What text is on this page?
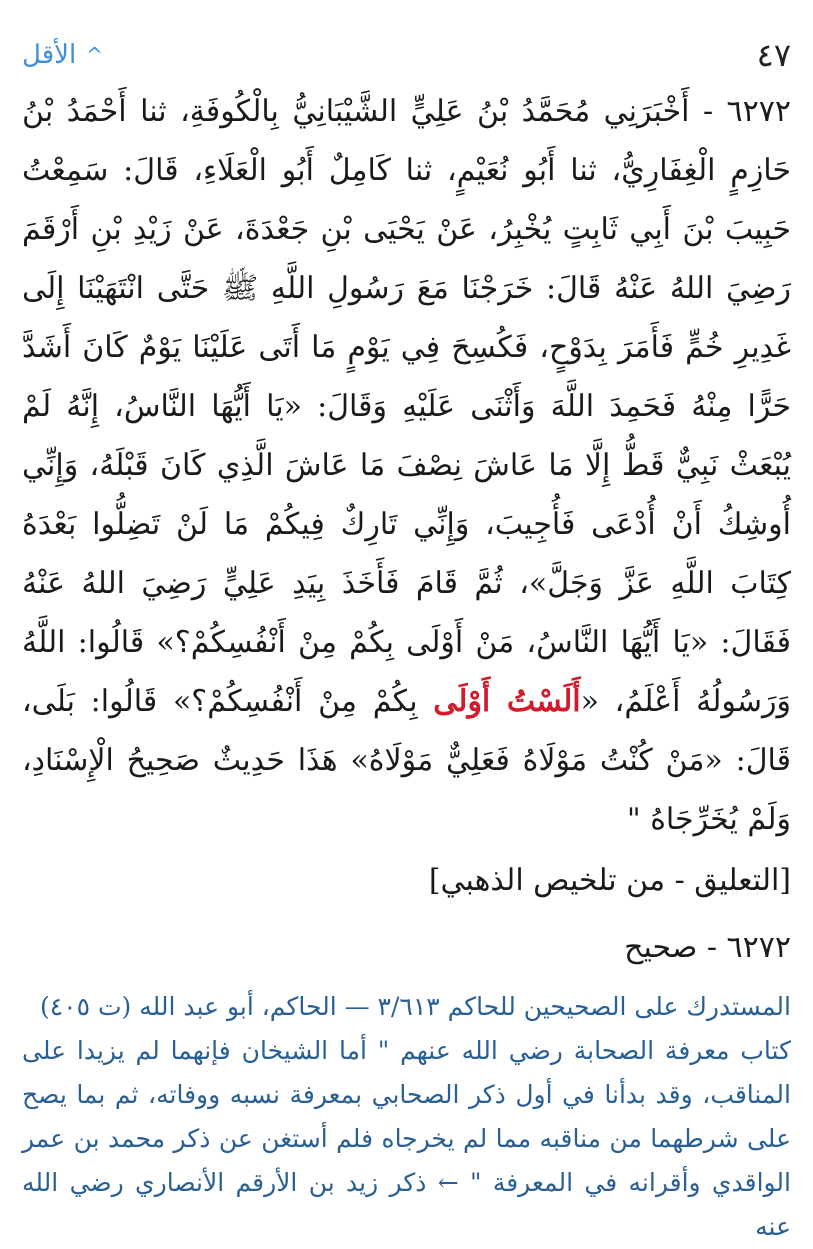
٤٧
^
الأقل
٦٢٧٢ - أَخْبَرَنِي مُحَمَّدُ بْنُ عَلِيٍّ الشَّيْبَانِيُّ بِالْكُوفَةِ، ثنا أَحْمَدُ بْنُ حَازِمٍ الْغِفَارِيُّ، ثنا أَبُو نُعَيْمٍ، ثنا كَامِلٌ أَبُو الْعَلَاءِ، قَالَ: سَمِعْتُ حَبِيبَ بْنَ أَبِي ثَابِتٍ يُخْبِرُ، عَنْ يَحْيَى بْنِ جَعْدَةَ، عَنْ زَيْدِ بْنِ أَرْقَمَ رَضِيَ اللهُ عَنْهُ قَالَ: خَرَجْنَا مَعَ رَسُولِ اللَّهِ ﷺ حَتَّى انْتَهَيْنَا إِلَى غَدِيرِ خُمٍّ فَأَمَرَ بِدَوْحٍ، فَكُسِحَ فِي يَوْمٍ مَا أَتَى عَلَيْنَا يَوْمٌ كَانَ أَشَدَّ حَرًّا مِنْهُ فَحَمِدَ اللَّهَ وَأَثْنَى عَلَيْهِ وَقَالَ: «يَا أَيُّهَا النَّاسُ، إِنَّهُ لَمْ يُبْعَثْ نَبِيٌّ قَطُّ إِلَّا مَا عَاشَ نِصْفَ مَا عَاشَ الَّذِي كَانَ قَبْلَهُ، وَإِنِّي أُوشِكُ أَنْ أُدْعَى فَأُجِيبَ، وَإِنِّي تَارِكٌ فِيكُمْ مَا لَنْ تَضِلُّوا بَعْدَهُ كِتَابَ اللَّهِ عَزَّ وَجَلَّ»، ثُمَّ قَامَ فَأَخَذَ بِيَدِ عَلِيٍّ رَضِيَ اللهُ عَنْهُ فَقَالَ: «يَا أَيُّهَا النَّاسُ، مَنْ أَوْلَى بِكُمْ مِنْ أَنْفُسِكُمْ؟» قَالُوا: اللَّهُ وَرَسُولُهُ أَعْلَمُ، «أَلَسْتُ أَوْلَى بِكُمْ مِنْ أَنْفُسِكُمْ؟» قَالُوا: بَلَى، قَالَ: «مَنْ كُنْتُ مَوْلَاهُ فَعَلِيٌّ مَوْلَاهُ» هَذَا حَدِيثٌ صَحِيحُ الْإِسْنَادِ، وَلَمْ يُخَرِّجَاهُ "
[التعليق - من تلخيص الذهبي]
٦٢٧٢ - صحيح
المستدرك على الصحيحين للحاكم ٣/٦١٣ — الحاكم، أبو عبد الله (ت ٤٠٥)
كتاب معرفة الصحابة رضي الله عنهم " أما الشيخان فإنهما لم يزيدا على المناقب، وقد بدأنا في أول ذكر الصحابي بمعرفة نسبه ووفاته، ثم بما يصح على شرطهما من مناقبه مما لم يخرجاه فلم أستغن عن ذكر محمد بن عمر الواقدي وأقرانه في المعرفة " ← ذكر زيد بن الأرقم الأنصاري رضي الله عنه
